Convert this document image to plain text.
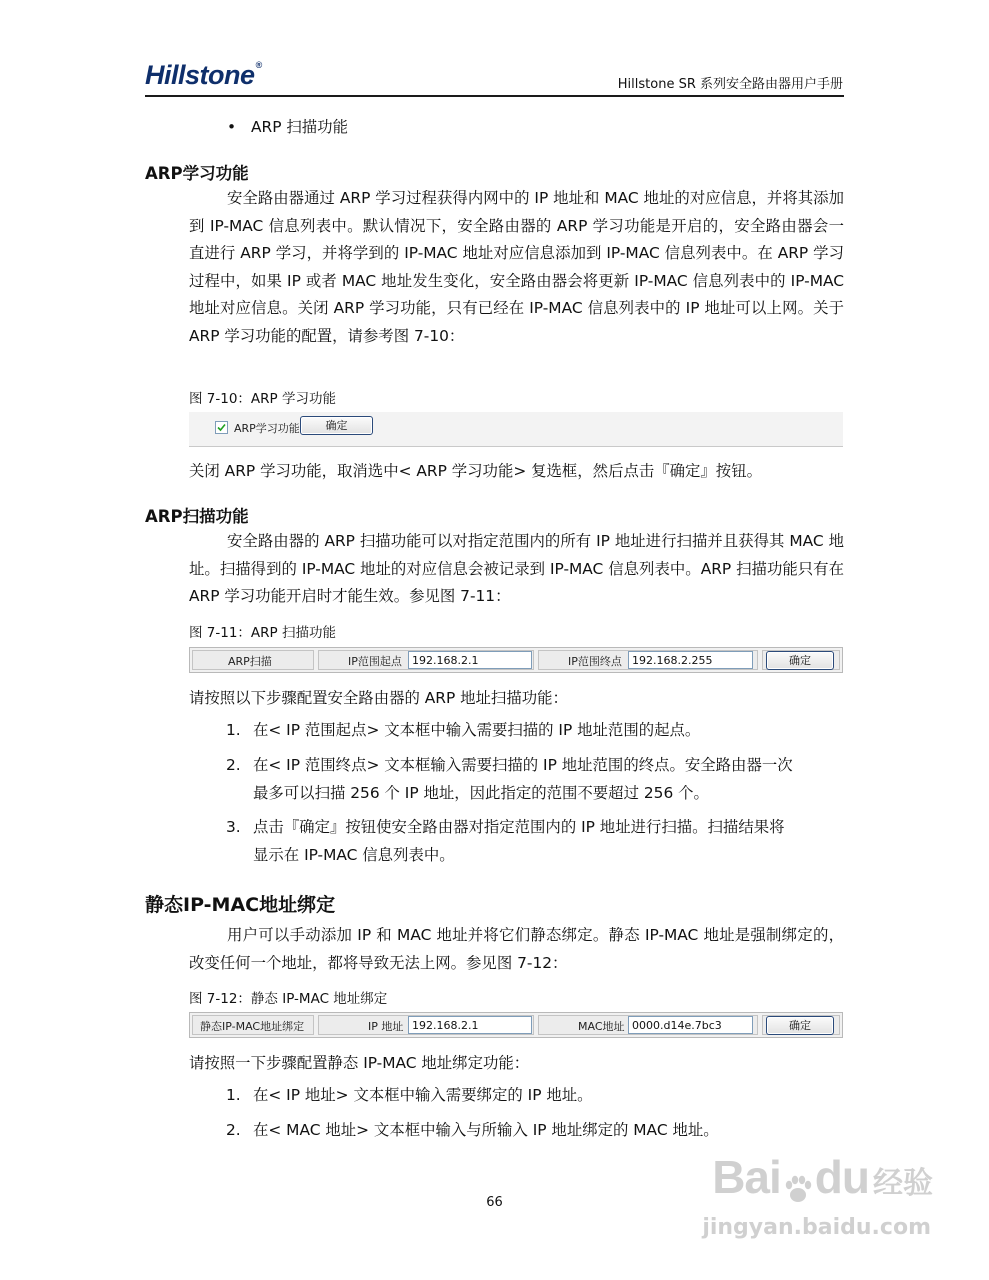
Hillstone®
Hillstone SR 系列安全路由器用户手册
• ARP 扫描功能
ARP学习功能
安全路由器通过 ARP 学习过程获得内网中的 IP 地址和 MAC 地址的对应信息，并将其添加到 IP-MAC 信息列表中。默认情况下，安全路由器的 ARP 学习功能是开启的，安全路由器会一直进行 ARP 学习，并将学到的 IP-MAC 地址对应信息添加到 IP-MAC 信息列表中。在 ARP 学习过程中，如果 IP 或者 MAC 地址发生变化，安全路由器会将更新 IP-MAC 信息列表中的 IP-MAC 地址对应信息。关闭 ARP 学习功能，只有已经在 IP-MAC 信息列表中的 IP 地址可以上网。关于 ARP 学习功能的配置，请参考图 7-10：
图 7-10：ARP 学习功能
ARP学习功能	确定
关闭 ARP 学习功能，取消选中< ARP 学习功能> 复选框，然后点击『确定』按钮。
ARP扫描功能
安全路由器的 ARP 扫描功能可以对指定范围内的所有 IP 地址进行扫描并且获得其 MAC 地址。扫描得到的 IP-MAC 地址的对应信息会被记录到 IP-MAC 信息列表中。ARP 扫描功能只有在 ARP 学习功能开启时才能生效。参见图 7-11：
图 7-11：ARP 扫描功能
ARP扫描	IP范围起点 192.168.2.1	IP范围终点 192.168.2.255	确定
请按照以下步骤配置安全路由器的 ARP 地址扫描功能：
1. 在< IP 范围起点> 文本框中输入需要扫描的 IP 地址范围的起点。
2. 在< IP 范围终点> 文本框输入需要扫描的 IP 地址范围的终点。安全路由器一次
最多可以扫描 256 个 IP 地址，因此指定的范围不要超过 256 个。
3. 点击『确定』按钮使安全路由器对指定范围内的 IP 地址进行扫描。扫描结果将
显示在 IP-MAC 信息列表中。
静态IP-MAC地址绑定
用户可以手动添加 IP 和 MAC 地址并将它们静态绑定。静态 IP-MAC 地址是强制绑定的，改变任何一个地址，都将导致无法上网。参见图 7-12：
图 7-12：静态 IP-MAC 地址绑定
静态IP-MAC地址绑定	IP 地址 192.168.2.1	MAC地址 0000.d14e.7bc3	确定
请按照一下步骤配置静态 IP-MAC 地址绑定功能：
1. 在< IP 地址> 文本框中输入需要绑定的 IP 地址。
2. 在< MAC 地址> 文本框中输入与所输入 IP 地址绑定的 MAC 地址。
66	Bai du 经验
jingyan.baidu.com
